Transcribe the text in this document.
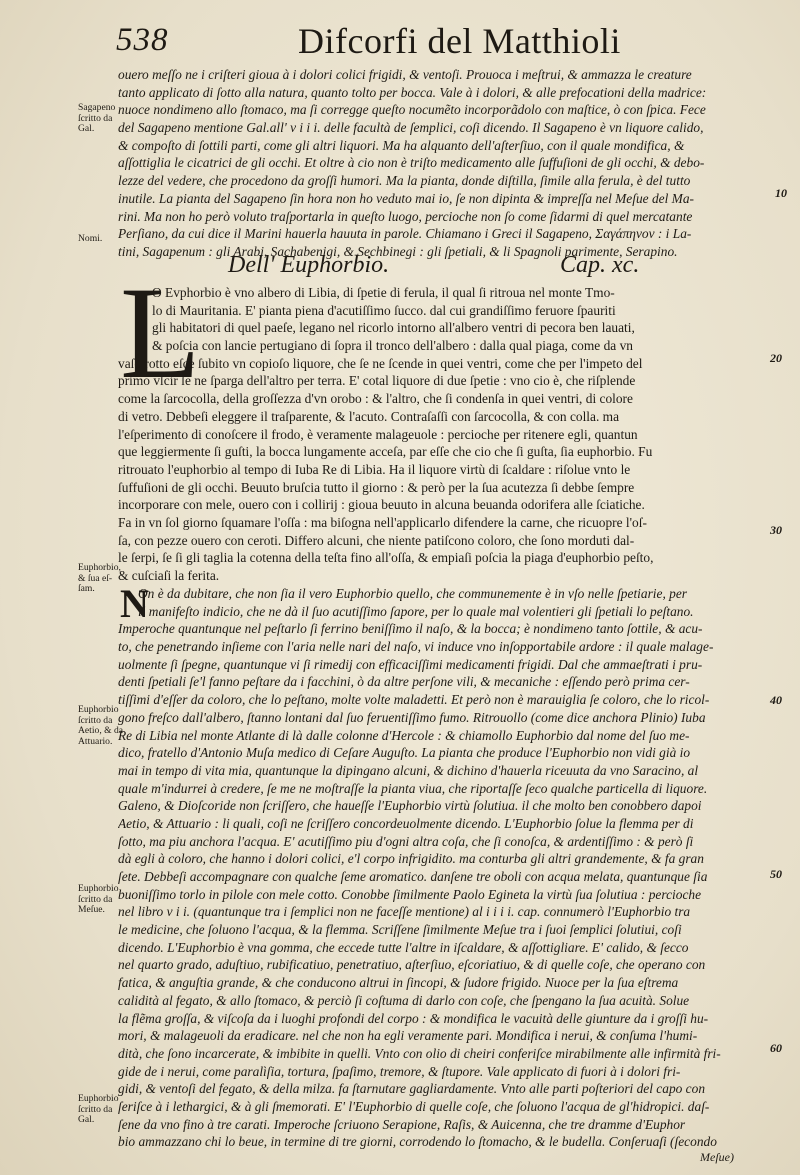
538	Difcorfi del Matthioli
ouero meſſo ne i criſteri gioua à i dolori colici frigidi, & ventoſi. Prouoca i meſtrui, & ammazza le creature
tanto applicato di ſotto alla natura, quanto tolto per bocca. Vale à i dolori, & alle prefocationi della madrice:
nuoce nondimeno allo ſtomaco, ma ſi corregge queſto nocumẽto incorporãdolo con maſtice, ò con ſpica. Fece
del Sagapeno mentione Gal.all' v i i i. delle facultà de ſemplici, coſi dicendo. Il Sagapeno è vn liquore calido,
& compoſto di ſottili parti, come gli altri liquori. Ma ha alquanto dell'aſterſiuo, con il quale mondifica, &
aſſottiglia le cicatrici de gli occhi. Et oltre à cio non è triſto medicamento alle ſuffuſioni de gli occhi, & debo-
lezze del vedere, che procedono da groſſi humori. Ma la pianta, donde diſtilla, ſimile alla ferula, è del tutto
inutile. La pianta del Sagapeno ſin hora non ho veduto mai io, ſe non dipinta & impreſſa nel Meſue del Ma-
rini. Ma non ho però voluto traſportarla in queſto luogo, percioche non ſo come ſidarmi di quel mercatante
Perſiano, da cui dice il Marini hauerla hauuta in parole. Chiamano i Greci il Sagapeno, Σαγάπηνον : i La-
tini, Sagapenum : gli Arabi, Sachabenigi, & Sechbinegi : gli ſpetiali, & li Spagnoli parimente, Serapino.
Dell' Euphorbio.	Cap. xc.
L
O Evphorbio è vno albero di Libia, di ſpetie di ferula, il qual ſi ritroua nel monte Tmo-
lo di Mauritania. E' pianta piena d'acutiſſimo ſucco. dal cui grandiſſimo feruore ſpauriti
gli habitatori di quel paeſe, legano nel ricorlo intorno all'albero ventri di pecora ben lauati,
& poſcia con lancie pertugiano di ſopra il tronco dell'albero : dalla qual piaga, come da vn
vaſo rotto eſce ſubito vn copioſo liquore, che ſe ne ſcende in quei ventri, come che per l'impeto del
primo vſcir ſe ne ſparga dell'altro per terra. E' cotal liquore di due ſpetie : vno cio è, che riſplende
come la ſarcocolla, della groſſezza d'vn orobo : & l'altro, che ſi condenſa in quei ventri, di colore
di vetro. Debbeſi eleggere il traſparente, & l'acuto. Contraſaſſi con ſarcocolla, & con colla. ma
l'eſperimento di conoſcere il frodo, è veramente malageuole : percioche per ritenere egli, quantun
que leggiermente ſi guſti, la bocca lungamente acceſa, par eſſe che cio che ſi guſta, ſia euphorbio. Fu
ritrouato l'euphorbio al tempo di Iuba Re di Libia. Ha il liquore virtù di ſcaldare : riſolue vnto le
ſuffuſioni de gli occhi. Beuuto bruſcia tutto il giorno : & però per la ſua acutezza ſi debbe ſempre
incorporare con mele, ouero con i collirij : gioua beuuto in alcuna beuanda odorifera alle ſciatiche.
Fa in vn ſol giorno ſquamare l'oſſa : ma biſogna nell'applicarlo difendere la carne, che ricuopre l'oſ-
ſa, con pezze ouero con ceroti. Differo alcuni, che niente patiſcono coloro, che ſono morduti dal-
le ſerpi, ſe ſi gli taglia la cotenna della teſta fino all'oſſa, & empiaſi poſcia la piaga d'euphorbio peſto,
& cuſciaſi la ferita.
N
On è da dubitare, che non ſia il vero Euphorbio quello, che communemente è in vſo nelle ſpetiarie, per
il manifeſto indicio, che ne dà il ſuo acutiſſimo ſapore, per lo quale mal volentieri gli ſpetiali lo peſtano.
Imperoche quantunque nel peſtarlo ſi ferrino beniſſimo il naſo, & la bocca; è nondimeno tanto ſottile, & acu-
to, che penetrando inſieme con l'aria nelle nari del naſo, vi induce vno inſopportabile ardore : il quale malage-
uolmente ſi ſpegne, quantunque vi ſi rimedij con efficaciſſimi medicamenti frigidi. Dal che ammaeſtrati i pru-
denti ſpetiali ſe'l fanno peſtare da i facchini, ò da altre perſone vili, & mecaniche : eſſendo però prima cer-
tiſſimi d'eſſer da coloro, che lo peſtano, molte volte maladetti. Et però non è marauiglia ſe coloro, che lo ricol-
gono freſco dall'albero, ſtanno lontani dal ſuo feruentiſſimo fumo. Ritrouollo (come dice anchora Plinio) Iuba
Re di Libia nel monte Atlante di là dalle colonne d'Hercole : & chiamollo Euphorbio dal nome del ſuo me-
dico, fratello d'Antonio Muſa medico di Ceſare Auguſto. La pianta che produce l'Euphorbio non vidi già io
mai in tempo di vita mia, quantunque la dipingano alcuni, & dichino d'hauerla riceuuta da vno Saracino, al
quale m'indurrei à credere, ſe me ne moſtraſſe la pianta viua, che riportaſſe ſeco qualche particella di liquore.
Galeno, & Dioſcoride non ſcriſſero, che haueſſe l'Euphorbio virtù ſolutiua. il che molto ben conobbero dapoi
Aetio, & Attuario : li quali, coſi ne ſcriſſero concordeuolmente dicendo. L'Euphorbio ſolue la flemma per di
ſotto, ma piu anchora l'acqua. E' acutiſſimo piu d'ogni altra coſa, che ſi conoſca, & ardentiſſimo : & però ſi
dà egli à coloro, che hanno i dolori colici, e'l corpo infrigidito. ma conturba gli altri grandemente, & fa gran
ſete. Debbeſi accompagnare con qualche ſeme aromatico. danſene tre oboli con acqua melata, quantunque ſia
buoniſſimo torlo in pilole con mele cotto. Conobbe ſimilmente Paolo Egineta la virtù ſua ſolutiua : percioche
nel libro v i i. (quantunque tra i ſemplici non ne faceſſe mentione) al i i i i. cap. connumerò l'Euphorbio tra
le medicine, che ſoluono l'acqua, & la flemma. Scriſſene ſimilmente Meſue tra i ſuoi ſemplici ſolutiui, coſi
dicendo. L'Euphorbio è vna gomma, che eccede tutte l'altre in iſcaldare, & aſſottigliare. E' calido, & ſecco
nel quarto grado, aduſtiuo, rubificatiuo, penetratiuo, aſterſiuo, eſcoriatiuo, & di quelle coſe, che operano con
fatica, & anguſtia grande, & che conducono altrui in ſincopi, & ſudore frigido. Nuoce per la ſua eſtrema
calidità al fegato, & allo ſtomaco, & perciò ſi coſtuma di darlo con coſe, che ſpengano la ſua acuità. Solue
la flẽma groſſa, & viſcoſa da i luoghi profondi del corpo : & mondifica le vacuità delle giunture da i groſſi hu-
mori, & malageuoli da eradicare. nel che non ha egli veramente pari. Mondifica i nerui, & conſuma l'humi-
dità, che ſono incarcerate, & imbibite in quelli. Vnto con olio di cheiri conferiſce mirabilmente alle infirmità fri-
gide de i nerui, come paralìſia, tortura, ſpaſimo, tremore, & ſtupore. Vale applicato di fuori à i dolori fri-
gidi, & ventoſi del fegato, & della milza. fa ſtarnutare gagliardamente. Vnto alle parti poſteriori del capo con
ſeriſce à i lethargici, & à gli ſmemorati. E' l'Euphorbio di quelle coſe, che ſoluono l'acqua de gl'hidropici. daſ-
ſene da vno fino à tre carati. Imperoche ſcriuono Serapione, Raſis, & Auicenna, che tre dramme d'Euphor
bio ammazzano chi lo beue, in termine di tre giorni, corrodendo lo ſtomacho, & le budella. Conſeruaſi (ſecondo
Meſue)
Sagapeno
ſcritto da
Gal.
Nomi.
Euphorbio,
& ſua eſ-
ſam.
Euphorbio
ſcritto da
Aetio, & da
Attuario.
Euphorbio
ſcritto da
Meſue.
Euphorbio
ſcritto da
Gal.
10
20
30
40
50
60
